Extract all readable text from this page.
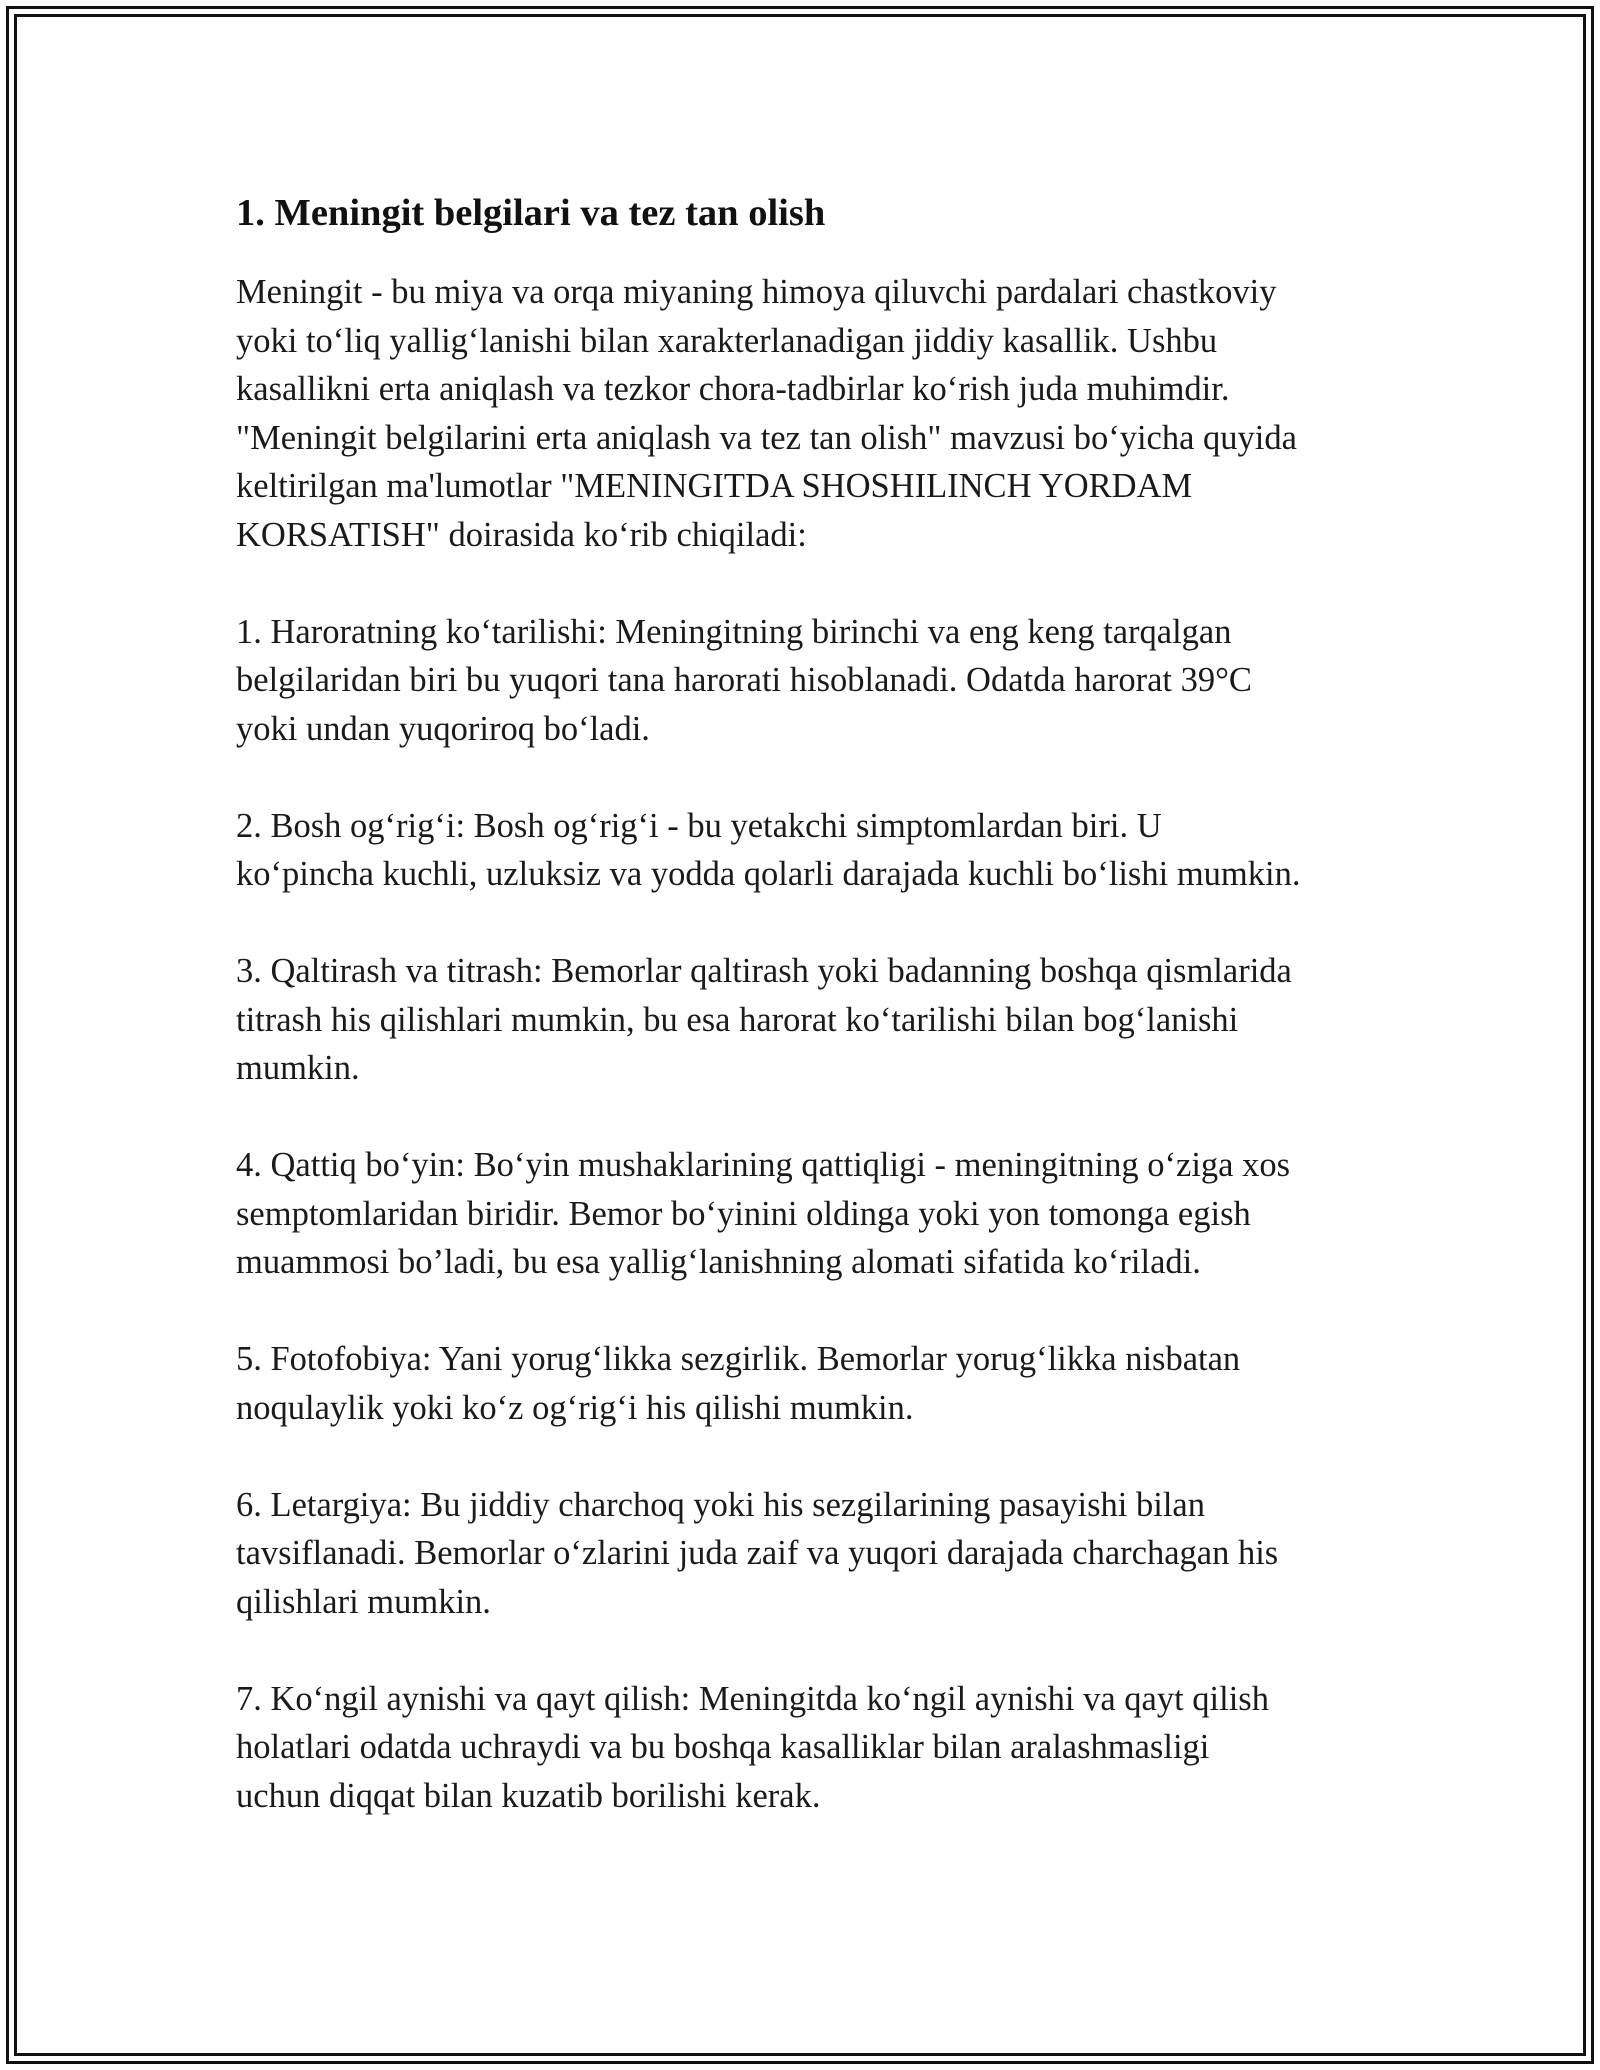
1. Meningit belgilari va tez tan olish

Meningit - bu miya va orqa miyaning himoya qiluvchi pardalari chastkoviy
yoki to‘liq yallig‘lanishi bilan xarakterlanadigan jiddiy kasallik. Ushbu
kasallikni erta aniqlash va tezkor chora-tadbirlar ko‘rish juda muhimdir.
"Meningit belgilarini erta aniqlash va tez tan olish" mavzusi bo‘yicha quyida
keltirilgan ma'lumotlar "MENINGITDA SHOSHILINCH YORDAM
KORSATISH" doirasida ko‘rib chiqiladi:

1. Haroratning ko‘tarilishi: Meningitning birinchi va eng keng tarqalgan
belgilaridan biri bu yuqori tana harorati hisoblanadi. Odatda harorat 39°C
yoki undan yuqoriroq bo‘ladi.

2. Bosh og‘rig‘i: Bosh og‘rig‘i - bu yetakchi simptomlardan biri. U
ko‘pincha kuchli, uzluksiz va yodda qolarli darajada kuchli bo‘lishi mumkin.

3. Qaltirash va titrash: Bemorlar qaltirash yoki badanning boshqa qismlarida
titrash his qilishlari mumkin, bu esa harorat ko‘tarilishi bilan bog‘lanishi
mumkin.

4. Qattiq bo‘yin: Bo‘yin mushaklarining qattiqligi - meningitning o‘ziga xos
semptomlaridan biridir. Bemor bo‘yinini oldinga yoki yon tomonga egish
muammosi bo’ladi, bu esa yallig‘lanishning alomati sifatida ko‘riladi.

5. Fotofobiya: Yani yorug‘likka sezgirlik. Bemorlar yorug‘likka nisbatan
noqulaylik yoki ko‘z og‘rig‘i his qilishi mumkin.

6. Letargiya: Bu jiddiy charchoq yoki his sezgilarining pasayishi bilan
tavsiflanadi. Bemorlar o‘zlarini juda zaif va yuqori darajada charchagan his
qilishlari mumkin.

7. Ko‘ngil aynishi va qayt qilish: Meningitda ko‘ngil aynishi va qayt qilish
holatlari odatda uchraydi va bu boshqa kasalliklar bilan aralashmasligi
uchun diqqat bilan kuzatib borilishi kerak.
